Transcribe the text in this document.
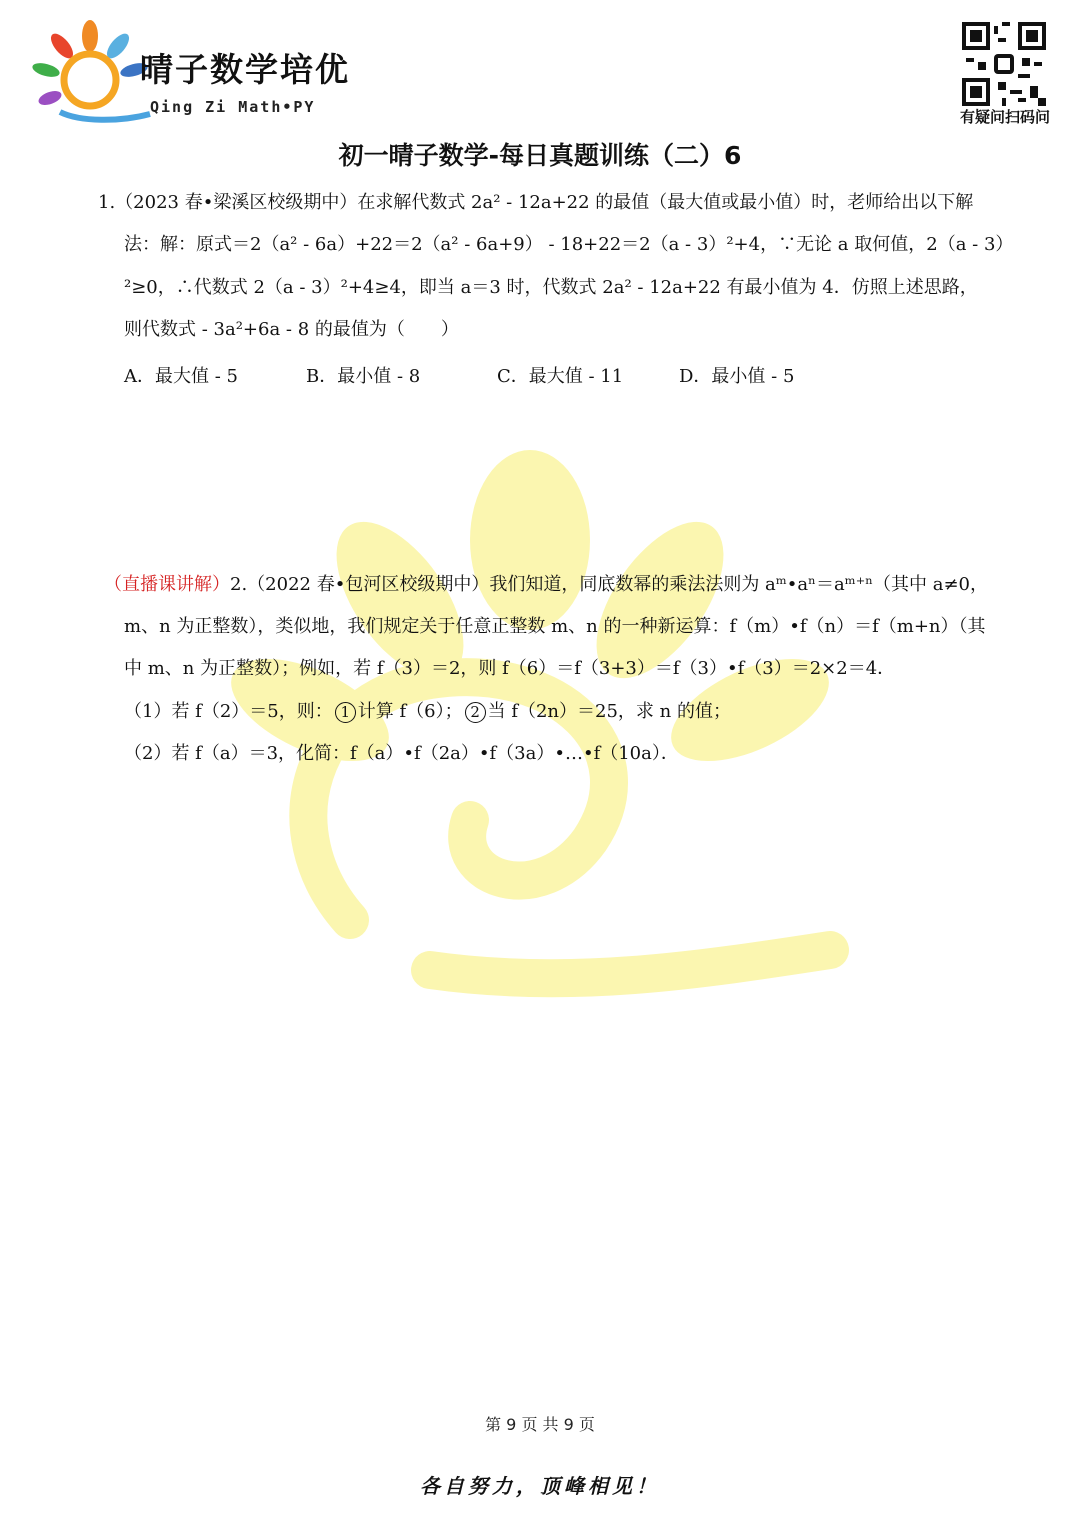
晴子数学培优
Qing Zi Math•PY
有疑问扫码问
初一晴子数学-每日真题训练（二）6
1.（2023 春•梁溪区校级期中）在求解代数式 2a² - 12a+22 的最值（最大值或最小值）时，老师给出以下解
法：解：原式＝2（a² - 6a）+22＝2（a² - 6a+9） - 18+22＝2（a - 3）²+4，∵无论 a 取何值，2（a - 3）
²≥0，∴代数式 2（a - 3）²+4≥4，即当 a＝3 时，代数式 2a² - 12a+22 有最小值为 4．仿照上述思路，
则代数式 - 3a²+6a - 8 的最值为（　　）
A．最大值 - 5	B．最小值 - 8	C．最大值 - 11	D．最小值 - 5
（直播课讲解）2.（2022 春•包河区校级期中）我们知道，同底数幂的乘法法则为 aᵐ•aⁿ＝aᵐ⁺ⁿ（其中 a≠0，
m、n 为正整数），类似地，我们规定关于任意正整数 m、n 的一种新运算：f（m）•f（n）＝f（m+n）（其
中 m、n 为正整数）；例如，若 f（3）＝2，则 f（6）＝f（3+3）＝f（3）•f（3）＝2×2＝4．
（1）若 f（2）＝5，则： 1 计算 f（6）； 2 当 f（2n）＝25，求 n 的值；
（2）若 f（a）＝3，化简：f（a）•f（2a）•f（3a）•…•f（10a）．
第 9 页 共 9 页
各自努力，顶峰相见！
